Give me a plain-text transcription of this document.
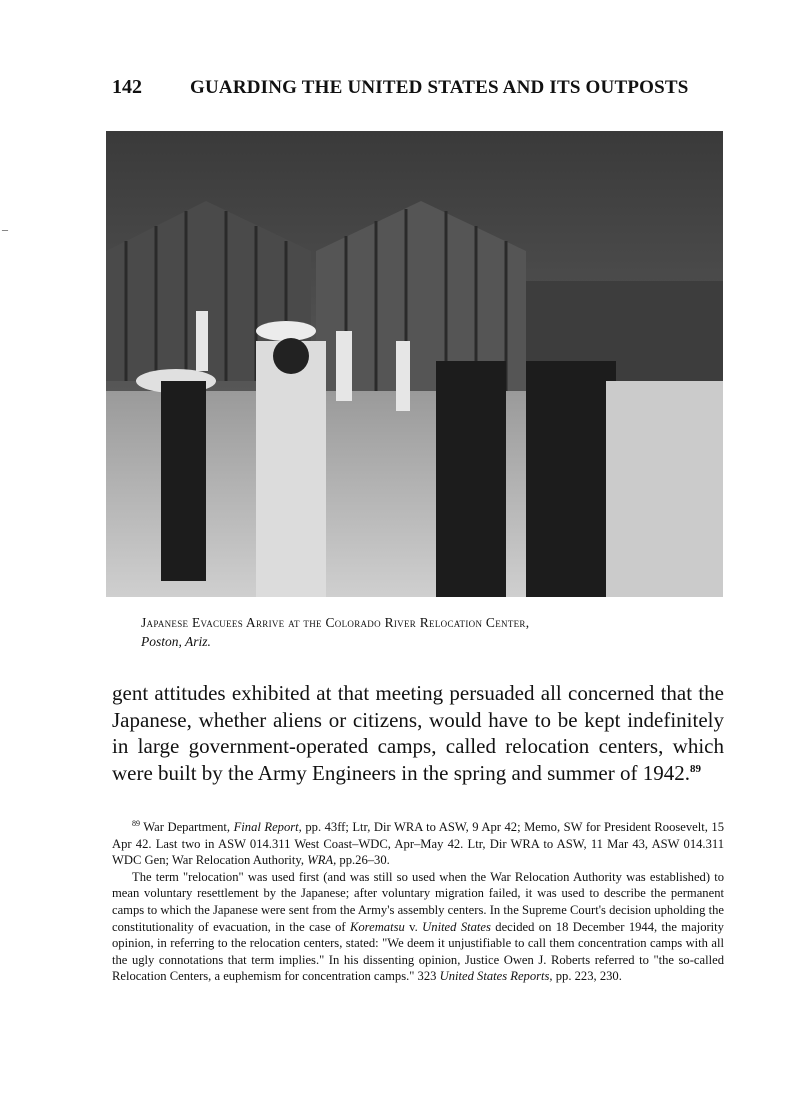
142	GUARDING THE UNITED STATES AND ITS OUTPOSTS
–
Japanese Evacuees Arrive at the Colorado River Relocation Center,
Poston, Ariz.
gent attitudes exhibited at that meeting persuaded all concerned that the Japanese, whether aliens or citizens, would have to be kept indefinitely in large government-operated camps, called relocation centers, which were built by the Army Engineers in the spring and summer of 1942.89

$^{89}$ War Department, Final Report, pp. 43ff; Ltr, Dir WRA to ASW, 9 Apr 42; Memo, SW for President Roosevelt, 15 Apr 42. Last two in ASW 014.311 West Coast–WDC, Apr–May 42. Ltr, Dir WRA to ASW, 11 Mar 43, ASW 014.311 WDC Gen; War Relocation Authority, WRA, pp.26–30.

The term "relocation" was used first (and was still so used when the War Relocation Authority was established) to mean voluntary resettlement by the Japanese; after voluntary migration failed, it was used to describe the permanent camps to which the Japanese were sent from the Army's assembly centers. In the Supreme Court's decision upholding the constitutionality of evacuation, in the case of Korematsu v. United States decided on 18 December 1944, the majority opinion, in referring to the relocation centers, stated: "We deem it unjustifiable to call them concentration camps with all the ugly connotations that term implies." In his dissenting opinion, Justice Owen J. Roberts referred to "the so-called Relocation Centers, a euphemism for concentration camps." 323 United States Reports, pp. 223, 230.
